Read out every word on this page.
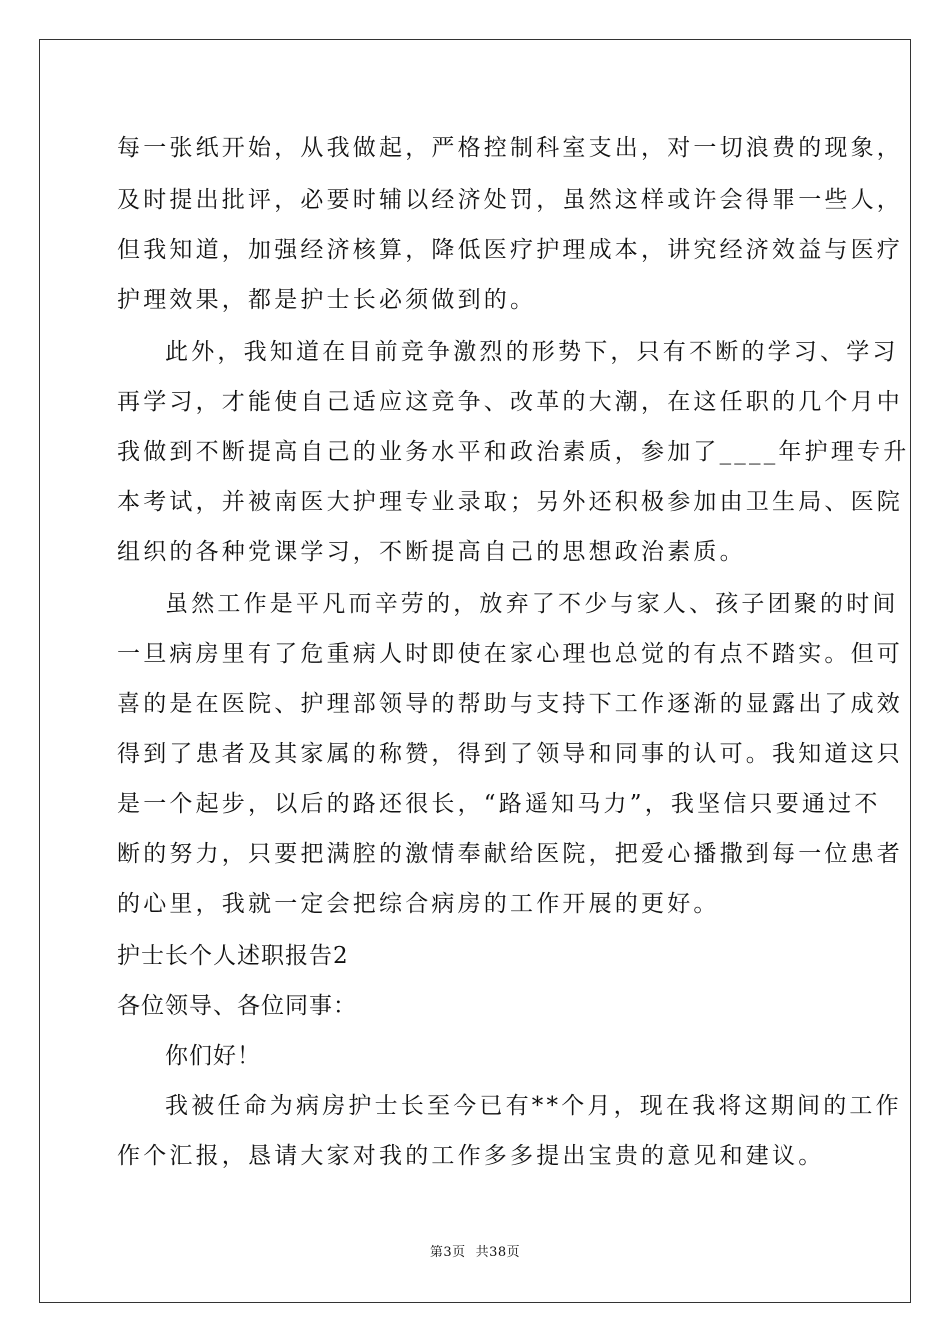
每一张纸开始，从我做起，严格控制科室支出，对一切浪费的现象，
及时提出批评，必要时辅以经济处罚，虽然这样或许会得罪一些人，
但我知道，加强经济核算，降低医疗护理成本，讲究经济效益与医疗
护理效果，都是护士长必须做到的。
此外，我知道在目前竞争激烈的形势下，只有不断的学习、学习
再学习，才能使自己适应这竞争、改革的大潮，在这任职的几个月中
我做到不断提高自己的业务水平和政治素质，参加了____年护理专升
本考试，并被南医大护理专业录取；另外还积极参加由卫生局、医院
组织的各种党课学习，不断提高自己的思想政治素质。
虽然工作是平凡而辛劳的，放弃了不少与家人、孩子团聚的时间
一旦病房里有了危重病人时即使在家心理也总觉的有点不踏实。但可
喜的是在医院、护理部领导的帮助与支持下工作逐渐的显露出了成效
得到了患者及其家属的称赞，得到了领导和同事的认可。我知道这只
是一个起步，以后的路还很长，“路遥知马力”，我坚信只要通过不
断的努力，只要把满腔的激情奉献给医院，把爱心播撒到每一位患者
的心里，我就一定会把综合病房的工作开展的更好。
护士长个人述职报告2
各位领导、各位同事：
你们好！
我被任命为病房护士长至今已有**个月，现在我将这期间的工作
作个汇报，恳请大家对我的工作多多提出宝贵的意见和建议。
第3页 共38页
